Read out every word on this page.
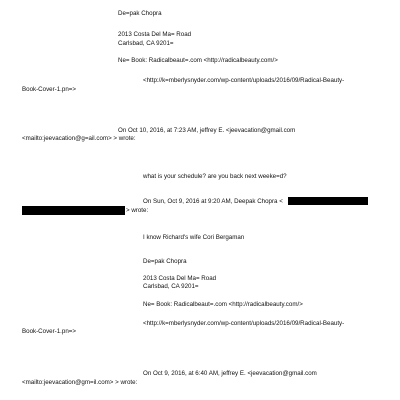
De=pak Chopra
2013 Costa Del Ma= Road
Carlsbad, CA 9201=
Ne= Book: Radicalbeaut=.com <http://radicalbeauty.com/>
<http://k=mberlysnyder.com/wp-content/uploads/2016/09/Radical-Beauty-
Book-Cover-1.pn=>
On Oct 10, 2016, at 7:23 AM, jeffrey E. <jeevacation@gmail.com
<mailto:jeevacation@g=ail.com> > wrote:
what is your schedule? are you back next weeke=d?
On Sun, Oct 9, 2016 at 9:20 AM, Deepak Chopra <
> wrote:
I know Richard's wife Cori Bergaman
De=pak Chopra
2013 Costa Del Ma= Road
Carlsbad, CA 9201=
Ne= Book: Radicalbeaut=.com <http://radicalbeauty.com/>
<http://k=mberlysnyder.com/wp-content/uploads/2016/09/Radical-Beauty-
Book-Cover-1.pn=>
On Oct 9, 2016, at 6:40 AM, jeffrey E. <jeevacation@gmail.com
<mailto:jeevacation@gm=il.com> > wrote:
